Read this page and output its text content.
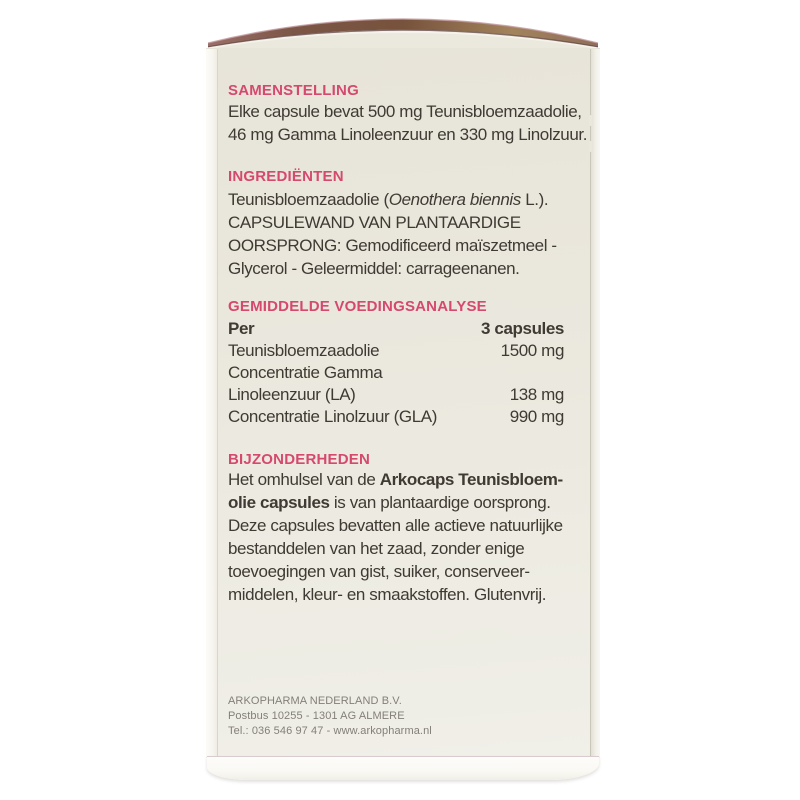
SAMENSTELLING
Elke capsule bevat 500 mg Teunisbloemzaadolie,
46 mg Gamma Linoleenzuur en 330 mg Linolzuur.
INGREDIËNTEN
Teunisbloemzaadolie (Oenothera biennis L.).
CAPSULEWAND VAN PLANTAARDIGE
OORSPRONG: Gemodificeerd maïszetmeel -
Glycerol - Geleermiddel: carrageenanen.
GEMIDDELDE VOEDINGSANALYSE
Per	3 capsules
Teunisbloemzaadolie	1500 mg
Concentratie Gamma
Linoleenzuur (LA)	138 mg
Concentratie Linolzuur (GLA)	990 mg
BIJZONDERHEDEN
Het omhulsel van de Arkocaps Teunisbloem-
olie capsules is van plantaardige oorsprong.
Deze capsules bevatten alle actieve natuurlijke
bestanddelen van het zaad, zonder enige
toevoegingen van gist, suiker, conserveer-
middelen, kleur- en smaakstoffen. Glutenvrij.
ARKOPHARMA NEDERLAND B.V.
Postbus 10255 - 1301 AG ALMERE
Tel.: 036 546 97 47 - www.arkopharma.nl
